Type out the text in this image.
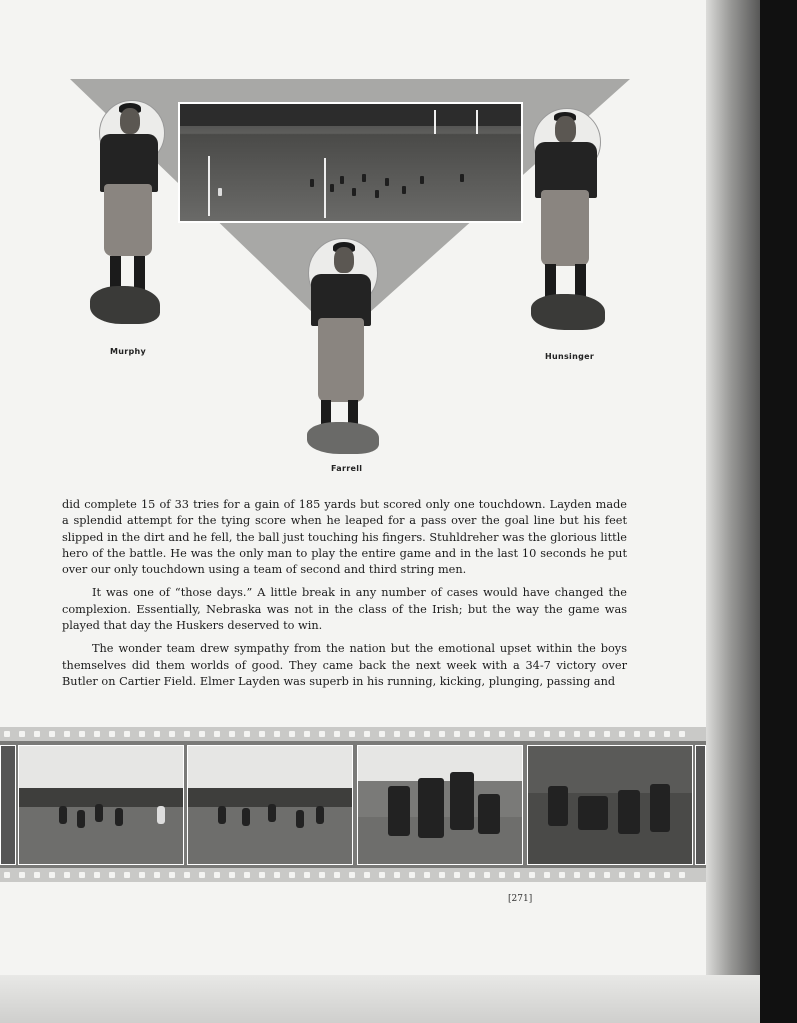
Murphy
Farrell
Hunsinger

did complete 15 of 33 tries for a gain of 185 yards but scored only one touchdown. Layden made a splendid attempt for the tying score when he leaped for a pass over the goal line but his feet slipped in the dirt and he fell, the ball just touching his fingers. Stuhldreher was the glorious little hero of the battle. He was the only man to play the entire game and in the last 10 seconds he put over our only touchdown using a team of second and third string men.

It was one of “those days.” A little break in any number of cases would have changed the complexion. Essentially, Nebraska was not in the class of the Irish; but the way the game was played that day the Huskers deserved to win.

The wonder team drew sympathy from the nation but the emotional upset within the boys themselves did them worlds of good. They came back the next week with a 34-7 victory over Butler on Cartier Field. Elmer Layden was superb in his running, kicking, plunging, passing and

[271]
